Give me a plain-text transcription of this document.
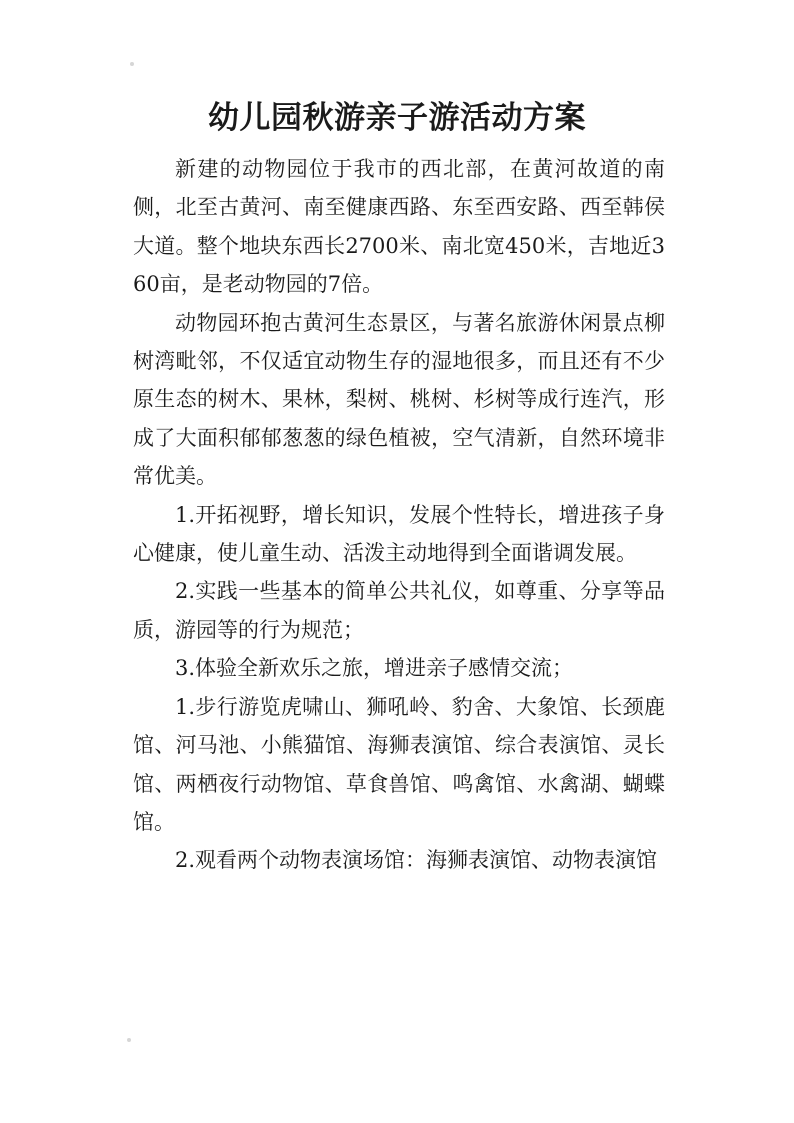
幼儿园秋游亲子游活动方案

新建的动物园位于我市的西北部，在黄河故道的南侧，北至古黄河、南至健康西路、东至西安路、西至韩侯大道。整个地块东西长2700米、南北宽450米，吉地近360亩，是老动物园的7倍。

动物园环抱古黄河生态景区，与著名旅游休闲景点柳树湾毗邻，不仅适宜动物生存的湿地很多，而且还有不少原生态的树木、果林，梨树、桃树、杉树等成行连汽，形成了大面积郁郁葱葱的绿色植被，空气清新，自然环境非常优美。

1.开拓视野，增长知识，发展个性特长，增进孩子身心健康，使儿童生动、活泼主动地得到全面谐调发展。

2.实践一些基本的简单公共礼仪，如尊重、分享等品质，游园等的行为规范；

3.体验全新欢乐之旅，增进亲子感情交流；

1.步行游览虎啸山、狮吼岭、豹舍、大象馆、长颈鹿馆、河马池、小熊猫馆、海狮表演馆、综合表演馆、灵长馆、两栖夜行动物馆、草食兽馆、鸣禽馆、水禽湖、蝴蝶馆。

2.观看两个动物表演场馆：海狮表演馆、动物表演馆
